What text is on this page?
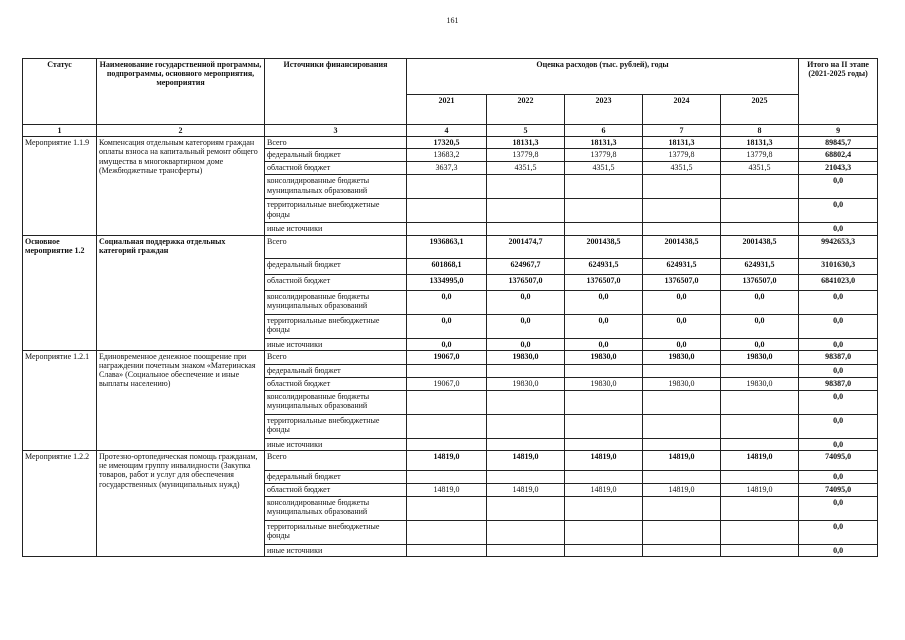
161
Статус	Наименование государственной программы, подпрограммы, основного мероприятия, мероприятия	Источники финансирования	Оценка расходов (тыс. рублей), годы					Итого на II этапе (2021-2025 годы)
			2021	2022	2023	2024	2025	
1	2	3	4	5	6	7	8	9
Мероприятие 1.1.9	Компенсация отдельным категориям граждан оплаты взноса на капитальный ремонт общего имущества в многоквартирном доме (Межбюджетные трансферты)	Всего	17320,5	18131,3	18131,3	18131,3	18131,3	89845,7
		федеральный бюджет	13683,2	13779,8	13779,8	13779,8	13779,8	68802,4
		областной бюджет	3637,3	4351,5	4351,5	4351,5	4351,5	21043,3
		консолидированные бюджеты муниципальных образований						0,0
		территориальные внебюджетные фонды						0,0
		иные источники						0,0
Основное мероприятие 1.2	Социальная поддержка отдельных категорий граждан	Всего	1936863,1	2001474,7	2001438,5	2001438,5	2001438,5	9942653,3
		федеральный бюджет	601868,1	624967,7	624931,5	624931,5	624931,5	3101630,3
		областной бюджет	1334995,0	1376507,0	1376507,0	1376507,0	1376507,0	6841023,0
		консолидированные бюджеты муниципальных образований	0,0	0,0	0,0	0,0	0,0	0,0
		территориальные внебюджетные фонды	0,0	0,0	0,0	0,0	0,0	0,0
		иные источники	0,0	0,0	0,0	0,0	0,0	0,0
Мероприятие 1.2.1	Единовременное денежное поощрение при награждении почетным знаком «Материнская Слава» (Социальное обеспечение и иные выплаты населению)	Всего	19067,0	19830,0	19830,0	19830,0	19830,0	98387,0
		федеральный бюджет						0,0
		областной бюджет	19067,0	19830,0	19830,0	19830,0	19830,0	98387,0
		консолидированные бюджеты муниципальных образований						0,0
		территориальные внебюджетные фонды						0,0
		иные источники						0,0
Мероприятие 1.2.2	Протезно-ортопедическая помощь гражданам, не имеющим группу инвалидности (Закупка товаров, работ и услуг для обеспечения государственных (муниципальных нужд)	Всего	14819,0	14819,0	14819,0	14819,0	14819,0	74095,0
		федеральный бюджет						0,0
		областной бюджет	14819,0	14819,0	14819,0	14819,0	14819,0	74095,0
		консолидированные бюджеты муниципальных образований						0,0
		территориальные внебюджетные фонды						0,0
		иные источники						0,0
